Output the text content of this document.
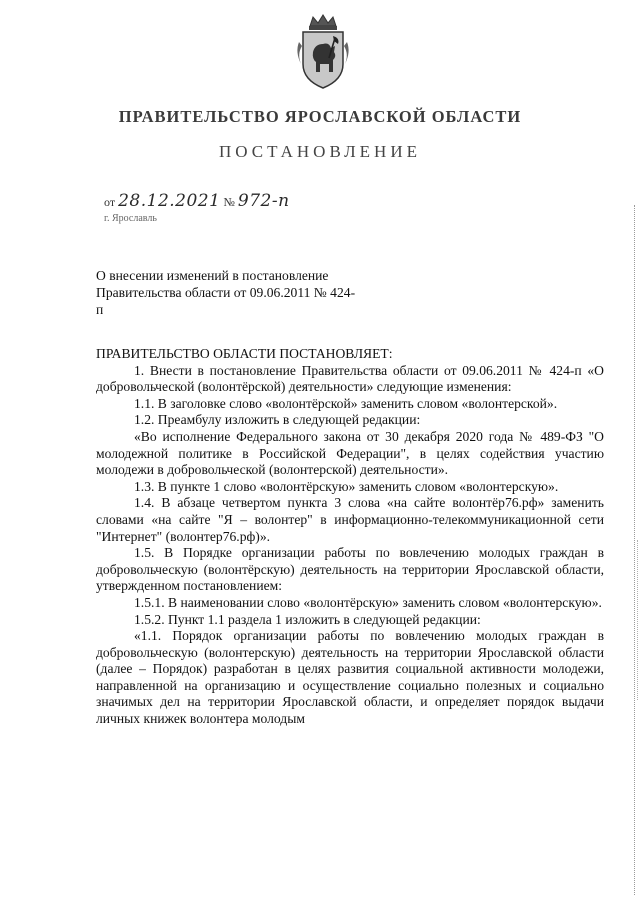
ПРАВИТЕЛЬСТВО ЯРОСЛАВСКОЙ ОБЛАСТИ
ПОСТАНОВЛЕНИЕ
от 28.12.2021 № 972-п
г. Ярославль
О внесении изменений в постановление Правительства области от 09.06.2011 № 424-п

ПРАВИТЕЛЬСТВО ОБЛАСТИ ПОСТАНОВЛЯЕТ:

1. Внести в постановление Правительства области от 09.06.2011 № 424-п «О добровольческой (волонтёрской) деятельности» следующие изменения:

1.1. В заголовке слово «волонтёрской» заменить словом «волонтерской».

1.2. Преамбулу изложить в следующей редакции:

«Во исполнение Федерального закона от 30 декабря 2020 года № 489-ФЗ "О молодежной политике в Российской Федерации", в целях содействия участию молодежи в добровольческой (волонтерской) деятельности».

1.3. В пункте 1 слово «волонтёрскую» заменить словом «волонтерскую».

1.4. В абзаце четвертом пункта 3 слова «на сайте волонтёр76.рф» заменить словами «на сайте "Я – волонтер" в информационно-телекоммуникационной сети "Интернет" (волонтер76.рф)».

1.5. В Порядке организации работы по вовлечению молодых граждан в добровольческую (волонтёрскую) деятельность на территории Ярославской области, утвержденном постановлением:

1.5.1. В наименовании слово «волонтёрскую» заменить словом «волонтерскую».

1.5.2. Пункт 1.1 раздела 1 изложить в следующей редакции:

«1.1. Порядок организации работы по вовлечению молодых граждан в добровольческую (волонтерскую) деятельность на территории Ярославской области (далее – Порядок) разработан в целях развития социальной активности молодежи, направленной на организацию и осуществление социально полезных и социально значимых дел на территории Ярославской области, и определяет порядок выдачи личных книжек волонтера молодым
